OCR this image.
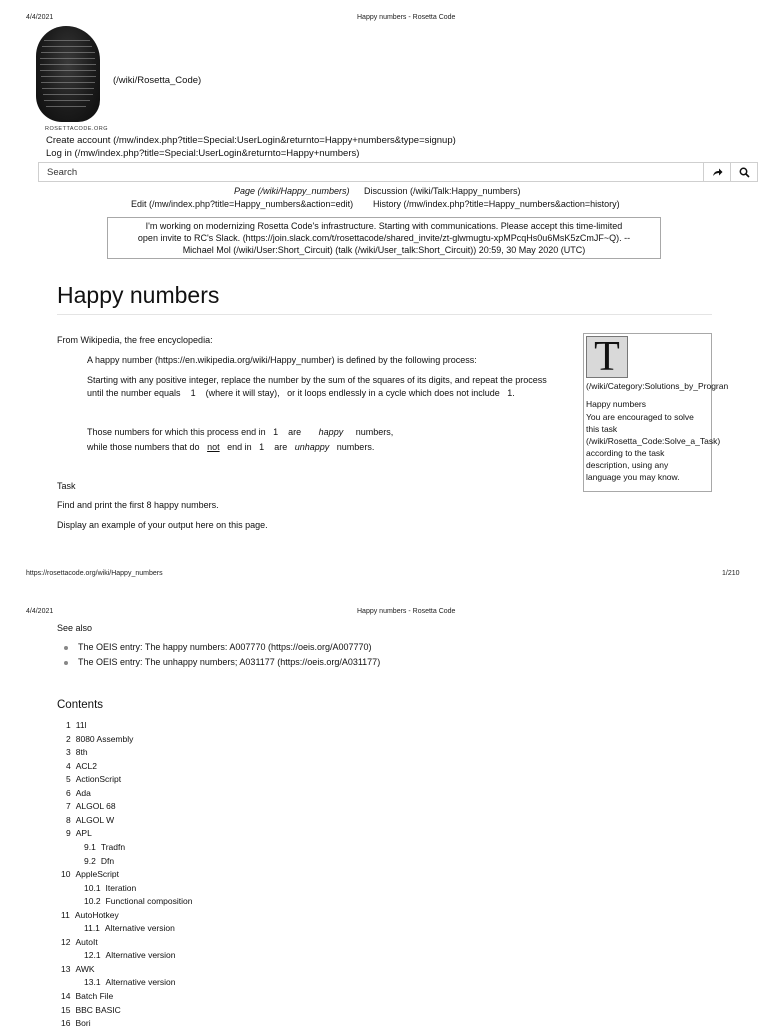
4/4/2021	Happy numbers - Rosetta Code
ROSETTACODE.ORG
(/wiki/Rosetta_Code)
Create account (/mw/index.php?title=Special:UserLogin&returnto=Happy+numbers&type=signup)
Log in (/mw/index.php?title=Special:UserLogin&returnto=Happy+numbers)
Search
Page (/wiki/Happy_numbers) Discussion (/wiki/Talk:Happy_numbers)
Edit (/mw/index.php?title=Happy_numbers&action=edit) History (/mw/index.php?title=Happy_numbers&action=history)
I'm working on modernizing Rosetta Code's infrastructure. Starting with communications. Please accept this time-limited
open invite to RC's Slack. (https://join.slack.com/t/rosettacode/shared_invite/zt-glwmugtu-xpMPcqHs0u6MsK5zCmJF~Q). --
Michael Mol (/wiki/User:Short_Circuit) (talk (/wiki/User_talk:Short_Circuit)) 20:59, 30 May 2020 (UTC)
Happy numbers
From Wikipedia, the free encyclopedia:
A happy number (https://en.wikipedia.org/wiki/Happy_number) is defined by the following process:
Starting with any positive integer, replace the number by the sum of the squares of its digits, and repeat the process
until the number equals 1 (where it will stay), or it loops endlessly in a cycle which does not include 1.
Those numbers for which this process end in 1 are happy numbers,
while those numbers that do not end in 1 are unhappy numbers.
Task
Find and print the first 8 happy numbers.
Display an example of your output here on this page.
T
(/wiki/Category:Solutions_by_Progran
Happy numbers
You are encouraged to solve
this task
(/wiki/Rosetta_Code:Solve_a_Task)
according to the task
description, using any
language you may know.
https://rosettacode.org/wiki/Happy_numbers	1/210
4/4/2021	Happy numbers - Rosetta Code
See also
The OEIS entry: The happy numbers: A007770 (https://oeis.org/A007770)
The OEIS entry: The unhappy numbers; A031177 (https://oeis.org/A031177)
Contents
1 11l
2 8080 Assembly
3 8th
4 ACL2
5 ActionScript
6 Ada
7 ALGOL 68
8 ALGOL W
9 APL
9.1 Tradfn
9.2 Dfn
10 AppleScript
10.1 Iteration
10.2 Functional composition
11 AutoHotkey
11.1 Alternative version
12 AutoIt
12.1 Alternative version
13 AWK
13.1 Alternative version
14 Batch File
15 BBC BASIC
16 Bori
